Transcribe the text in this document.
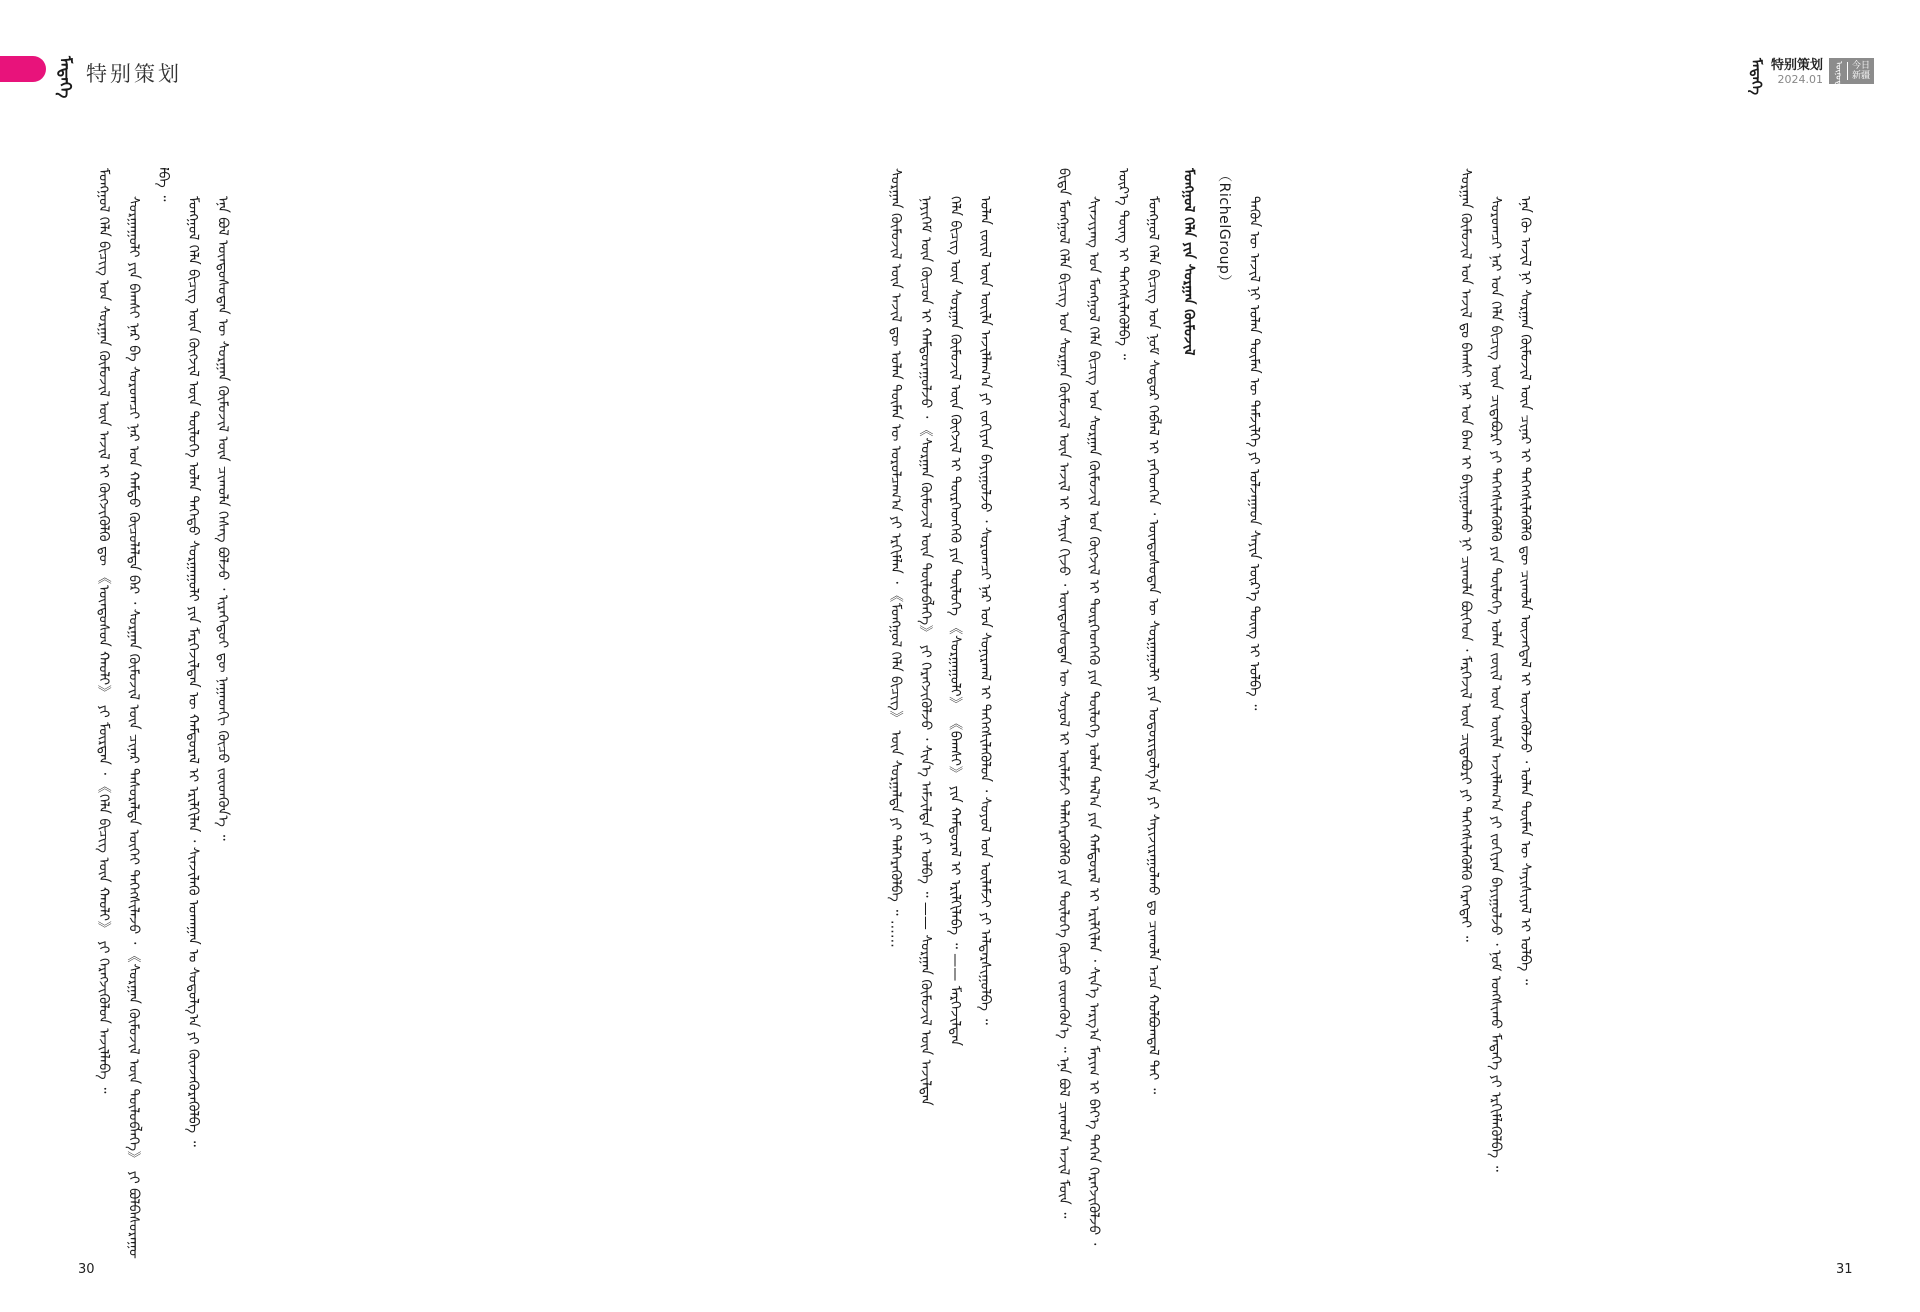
ᠮᠡᠳᠡᠭᠡ 特别策划	ᠮᠡᠳᠡᠭᠡ 特别策划
2024.01 ᠥᠨᠥᠳᠥᠷ 今日
新疆
ᠮᠣᠩᠭᠣᠯ ᠬᠡᠯᠡ ᠪᠢᠴᠢᠭ ᠤᠨ ᠰᠤᠷᠭᠠᠨ ᠬᠦᠮᠦᠵᠢᠯ ᠦᠨ ᠠᠵᠢᠯ ᠢ ᠬᠥᠭᠵᠢᠭᠦᠯᠬᠦ ᠳᠦ 《ᠦᠨᠳᠦᠰᠦᠨ ᠬᠠᠤᠯᠢ》 ᠶᠢ ᠮᠥᠷᠳᠡᠨ ᠂ 《ᠬᠡᠯᠡ ᠪᠢᠴᠢᠭ ᠦᠨ ᠬᠠᠤᠯᠢ》 ᠶᠢ ᠬᠡᠷᠡᠭᠵᠢᠭᠦᠯᠦᠨ ᠠᠵᠢᠯᠯᠠᠪᠠ ᠃ ᠰᠤᠷᠭᠠᠭᠤᠯᠢ ᠶᠢᠨ ᠪᠠᠭᠰᠢ ᠨᠠᠷ ᠪᠠ ᠰᠤᠷᠤᠭᠴᠢ ᠨᠠᠷ ᠤᠨ ᠬᠠᠮᠲᠤ ᠬᠦᠴᠦᠯᠡᠯᠲᠡ ᠪᠡᠷ ᠂ ᠰᠤᠷᠭᠠᠨ ᠬᠦᠮᠦᠵᠢᠯ ᠦᠨ ᠴᠢᠨᠠᠷ ᠲᠠᠰᠤᠷᠠᠯᠲᠠ ᠦᠭᠡᠢ ᠳᠡᠭᠡᠭᠰᠢᠯᠡᠵᠦ ᠂ 《ᠰᠤᠷᠭᠠᠨ ᠬᠦᠮᠦᠵᠢᠯ ᠦᠨ ᠲᠥᠯᠥᠪᠯᠡᠭᠡ》 ᠶᠢ ᠪᠣᠯᠪᠠᠰᠤᠷᠠᠭᠤᠯᠪᠠ ᠃
ᠮᠣᠩᠭᠣᠯ ᠬᠡᠯᠡ ᠪᠢᠴᠢᠭ ᠦᠨ ᠬᠥᠭᠵᠢᠯ ᠦᠨ ᠲᠥᠯᠦᠭᠡ ᠣᠯᠠᠨ ᠳᠡᠭᠡᠳᠦ ᠰᠤᠷᠭᠠᠭᠤᠯᠢ ᠶᠢᠨ ᠮᠡᠷᠭᠡᠵᠢᠯᠲᠡᠨ ᠦ ᠬᠠᠮᠲᠤᠷᠠᠯ ᠢ ᠡᠷᠢᠯᠬᠢᠯᠡᠨ ᠂ ᠰᠢᠨᠵᠢᠯᠡᠬᠦ ᠤᠬᠠᠭᠠᠨ ᠤ ᠰᠤᠳᠤᠯᠭ᠎ᠠ ᠶᠢ ᠭᠦᠨᠵᠡᠭᠦᠷᠡᠭᠦᠯᠪᠡ ᠃ ᠡᠨᠡ ᠪᠣᠯ ᠦᠨᠳᠦᠰᠦᠲᠡᠨ ᠦ ᠰᠤᠷᠭᠠᠨ ᠬᠦᠮᠦᠵᠢᠯ ᠦᠨ ᠴᠢᠬᠤᠯᠠ ᠬᠡᠰᠡᠭ ᠪᠣᠯᠵᠤ ᠂ ᠢᠷᠡᠭᠡᠳᠦᠢ ᠳᠦ ᠨᠠᠭᠠᠳᠬᠢ ᠬᠦᠴᠦ ᠵᠦᠳᠭᠦᠨ᠎ᠡ ᠃	ᠰᠤᠷᠭᠠᠨ ᠬᠦᠮᠦᠵᠢᠯ ᠦᠨ ᠠᠵᠢᠯ ᠳᠦ ᠣᠯᠠᠨ ᠲᠦᠮᠡᠨ ᠦ ᠣᠷᠤᠯᠴᠠᠭ᠎ᠠ ᠶᠢ ᠡᠷᠬᠢᠮᠯᠡᠨ ᠂ 《ᠮᠣᠩᠭᠣᠯ ᠬᠡᠯᠡ ᠪᠢᠴᠢᠭ》 ᠦᠨ ᠰᠤᠷᠭᠠᠯᠲᠠ ᠶᠢ ᠳᠡᠯᠭᠡᠷᠡᠭᠦᠯᠪᠡ ᠃ …… ᠨᠡᠶᠢᠭᠡᠮ ᠦᠨ ᠬᠦᠴᠦᠨ ᠢ ᠬᠠᠮᠲᠤᠷᠠᠭᠤᠯᠵᠤ ᠂ 《ᠰᠤᠷᠭᠠᠨ ᠬᠦᠮᠦᠵᠢᠯ ᠦᠨ ᠲᠥᠯᠥᠪᠯᠡᠭᠡ》 ᠶᠢ ᠬᠡᠷᠡᠭᠵᠢᠭᠦᠯᠵᠦ ᠂ ᠰᠢᠨ᠎ᠡ ᠠᠮᠵᠢᠯᠲᠠ ᠶᠢ ᠣᠯᠪᠠ ᠃ —— ᠰᠤᠷᠭᠠᠨ ᠬᠦᠮᠦᠵᠢᠯ ᠦᠨ ᠠᠵᠢᠯᠲᠠᠨ ᠬᠡᠯᠡ ᠪᠢᠴᠢᠭ ᠦᠨ ᠰᠤᠷᠭᠠᠨ ᠬᠦᠮᠦᠵᠢᠯ ᠦᠨ ᠬᠥᠭᠵᠢᠯ ᠢ ᠲᠦᠷᠭᠡᠳᠬᠡᠬᠦ ᠶᠢᠨ ᠲᠥᠯᠦᠭᠡ 《ᠰᠤᠷᠭᠠᠭᠤᠯᠢ》 《ᠪᠠᠭᠰᠢ》 ᠶᠢᠨ ᠬᠠᠮᠲᠤᠷᠠᠯ ᠢ ᠡᠷᠢᠯᠬᠢᠯᠡᠪᠡ ᠃ —— ᠮᠡᠷᠭᠡᠵᠢᠯᠲᠡᠨ ᠣᠯᠠᠨ ᠵᠦᠢᠯ ᠦᠨ ᠦᠢᠯᠡ ᠠᠵᠢᠯᠯᠠᠭ᠎ᠠ ᠶᠢ ᠵᠣᠬᠢᠶᠠᠨ ᠪᠠᠶᠢᠭᠤᠯᠵᠤ ᠂ ᠰᠤᠷᠤᠭᠴᠢ ᠨᠠᠷ ᠤᠨ ᠰᠣᠨᠢᠷᠬᠠᠯ ᠢ ᠳᠡᠭᠡᠭᠰᠢᠯᠡᠭᠦᠯᠦᠨ ᠂ ᠰᠣᠶᠣᠯ ᠤᠨ ᠦᠯᠡᠮᠵᠢ ᠶᠢ ᠠᠯᠳᠠᠷᠰᠢᠭᠤᠯᠪᠠ ᠃	ᠪᠢᠳᠡ ᠮᠣᠩᠭᠣᠯ ᠬᠡᠯᠡ ᠪᠢᠴᠢᠭ ᠤᠨ ᠰᠤᠷᠭᠠᠨ ᠬᠦᠮᠦᠵᠢᠯ ᠦᠨ ᠠᠵᠢᠯ ᠢ ᠰᠠᠶᠢᠨ ᠬᠢᠵᠦ ᠂ ᠦᠨᠳᠦᠰᠦᠲᠡᠨ ᠦ ᠰᠣᠶᠣᠯ ᠢ ᠦᠯᠡᠮᠵᠢ ᠳᠡᠯᠡᠭᠡᠷᠡᠭᠦᠯᠬᠦ ᠶᠢᠨ ᠲᠥᠯᠦᠭᠡ ᠬᠦᠴᠦ ᠵᠦᠳᠭᠦᠨ᠎ᠡ ᠃ ᠡᠨᠡ ᠪᠣᠯ ᠴᠢᠬᠤᠯᠠ ᠠᠵᠢᠯ ᠮᠥᠨ ᠃ ᠰᠢᠨᠵᠢᠶᠠᠩ ᠤᠨ ᠮᠣᠩᠭᠣᠯ ᠬᠡᠯᠡ ᠪᠢᠴᠢᠭ ᠤᠨ ᠰᠤᠷᠭᠠᠨ ᠬᠦᠮᠦᠵᠢᠯ ᠤᠨ ᠬᠥᠭᠵᠢᠯ ᠢ ᠲᠦᠷᠭᠡᠳᠬᠡᠬᠦ ᠶᠢᠨ ᠲᠥᠯᠦᠭᠡ ᠣᠯᠠᠨ ᠲᠠᠯ᠎ᠠ ᠶᠢᠨ ᠬᠠᠮᠲᠤᠷᠠᠯ ᠢ ᠡᠷᠢᠯᠬᠢᠯᠡᠨ ᠂ ᠰᠢᠨ᠎ᠡ ᠠᠷᠭ᠎ᠠ ᠮᠠᠶᠢᠭ ᠢ ᠪᠡᠶ᠎ᠡ ᠳᠡᠭᠡᠨ ᠬᠡᠷᠡᠭᠵᠢᠭᠦᠯᠵᠦ ᠂ ᠦᠷ᠎ᠡ ᠳᠦᠩ ᠢ ᠳᠡᠭᠡᠭᠰᠢᠯᠡᠭᠦᠯᠪᠡ ᠃ ᠮᠣᠩᠭᠣᠯ ᠬᠡᠯᠡ ᠪᠢᠴᠢᠭ ᠤᠨ ᠨᠣᠮ ᠰᠣᠳᠤᠷ ᠬᠡᠪᠯᠡᠯ ᠢ ᠶᠡᠬᠡᠳᠬᠡᠨ ᠂ ᠦᠨᠳᠦᠰᠦᠲᠡᠨ ᠦ ᠰᠤᠷᠭᠠᠭᠤᠯᠢ ᠶᠢᠨ ᠤᠳᠤᠷᠢᠳᠤᠯᠭ᠎ᠠ ᠶᠢ ᠰᠠᠶᠢᠵᠢᠷᠠᠭᠤᠯᠬᠤ ᠳᠤ ᠴᠢᠬᠤᠯᠠ ᠠᠴᠠ ᠬᠣᠯᠪᠣᠭᠳᠠᠯ ᠲᠠᠶ ᠃	ᠮᠣᠩᠭᠣᠯ ᠬᠡᠯᠡ ᠶᠢᠨ ᠰᠤᠷᠭᠠᠨ ᠬᠦᠮᠦᠵᠢᠯ	（RichelGroup） ᠲᠡᠭᠦᠨ ᠦ ᠠᠵᠢᠯ ᠨᠢ ᠣᠯᠠᠨ ᠲᠦᠮᠡᠨ ᠦ ᠳᠡᠮᠵᠢᠯᠭᠡ ᠶᠢ ᠣᠯᠵᠠᠭᠠᠳ ᠰᠠᠶᠢᠨ ᠦᠷ᠎ᠡ ᠳᠦᠩ ᠢ ᠣᠯᠪᠠ ᠃	ᠰᠤᠷᠭᠠᠨ ᠬᠦᠮᠦᠵᠢᠯ ᠤᠨ ᠠᠵᠢᠯ ᠳᠤ ᠪᠠᠭᠰᠢ ᠨᠠᠷ ᠤᠨ ᠪᠠᠭ ᠢ ᠪᠠᠶᠢᠭᠤᠯᠬᠤ ᠨᠢ ᠴᠢᠬᠤᠯᠠ ᠪᠥᠭᠡᠳ ᠂ ᠮᠡᠷᠭᠡᠵᠢᠯ ᠦᠨ ᠴᠢᠳᠠᠪᠤᠷᠢ ᠶᠢ ᠳᠡᠭᠡᠭᠰᠢᠯᠡᠭᠦᠯᠬᠦ ᠬᠡᠷᠡᠭᠲᠡᠢ ᠃ ᠰᠤᠷᠤᠭᠴᠢ ᠨᠠᠷ ᠤᠨ ᠬᠡᠯᠡ ᠪᠢᠴᠢᠭ ᠦᠨ ᠴᠢᠳᠠᠪᠤᠷᠢ ᠶᠢ ᠳᠡᠭᠡᠭᠰᠢᠯᠡᠭᠦᠯᠬᠦ ᠶᠢᠨ ᠲᠥᠯᠦᠭᠡ ᠣᠯᠠᠨ ᠵᠦᠢᠯ ᠦᠨ ᠦᠢᠯᠡ ᠠᠵᠢᠯᠯᠠᠭ᠎ᠠ ᠶᠢ ᠵᠣᠬᠢᠶᠠᠨ ᠪᠠᠶᠢᠭᠤᠯᠵᠤ ᠂ ᠨᠣᠮ ᠤᠩᠰᠢᠬᠤ ᠮᠡᠳᠡᠭᠡ ᠶᠢ ᠡᠷᠬᠢᠮᠯᠡᠭᠦᠯᠪᠡ ᠃ ᠡᠨᠡ ᠬᠦ ᠠᠵᠢᠯ ᠨᠢ ᠰᠤᠷᠭᠠᠨ ᠬᠦᠮᠦᠵᠢᠯ ᠦᠨ ᠴᠢᠨᠠᠷ ᠢ ᠳᠡᠭᠡᠭᠰᠢᠯᠡᠭᠦᠯᠬᠦ ᠳᠦ ᠴᠢᠬᠤᠯᠠ ᠦᠵᠡᠭᠳᠡᠯ ᠢ ᠦᠵᠡᠭᠦᠯᠵᠦ ᠂ ᠣᠯᠠᠨ ᠲᠦᠮᠡᠨ ᠦ ᠰᠠᠶᠢᠰᠢᠶᠠᠯ ᠢ ᠣᠯᠪᠠ ᠃
30	31
